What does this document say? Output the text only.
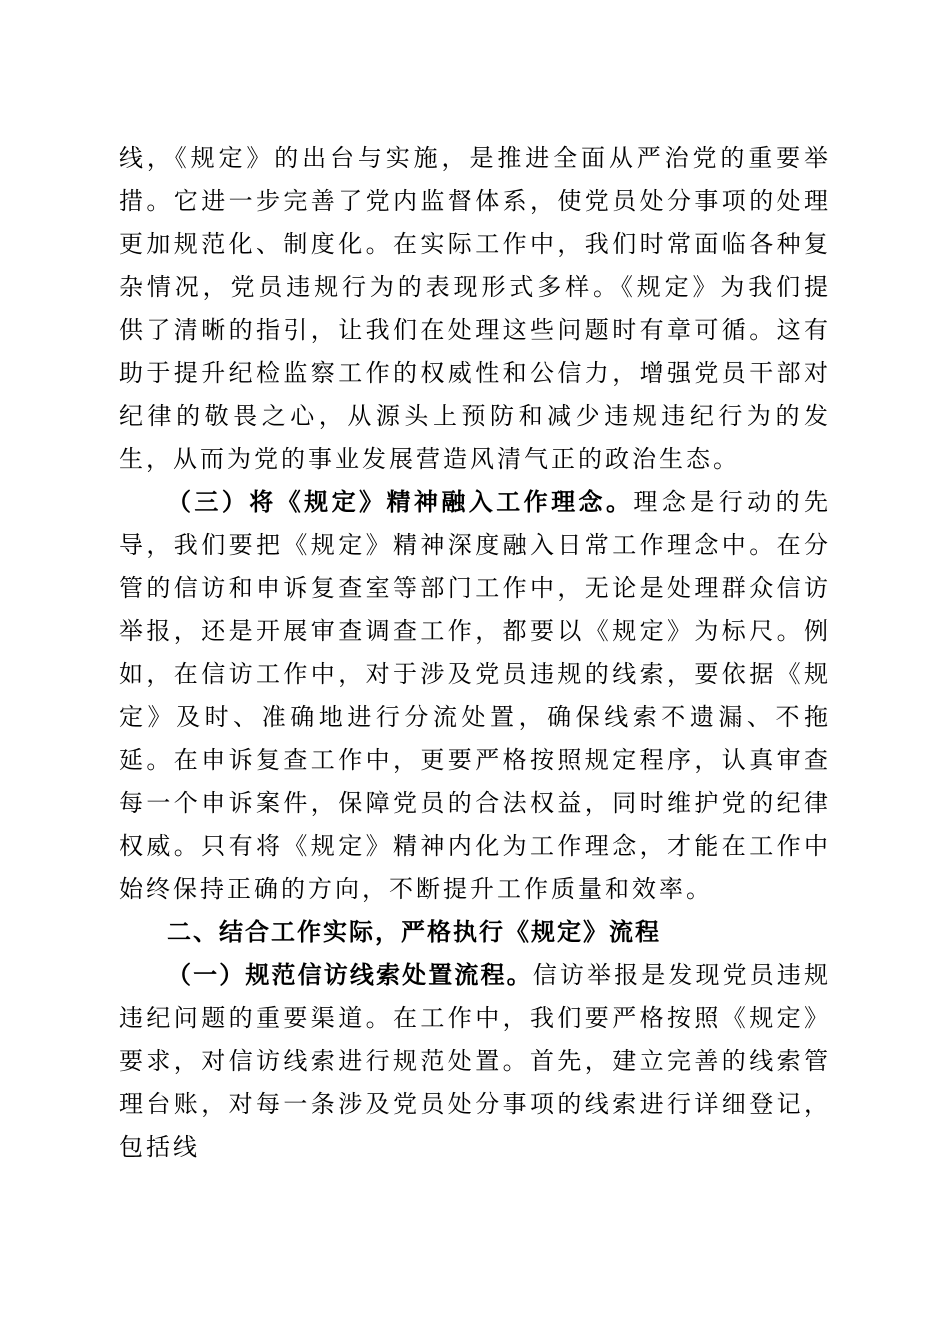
线，《规定》的出台与实施，是推进全面从严治党的重要举措。它进一步完善了党内监督体系，使党员处分事项的处理更加规范化、制度化。在实际工作中，我们时常面临各种复杂情况，党员违规行为的表现形式多样。《规定》为我们提供了清晰的指引，让我们在处理这些问题时有章可循。这有助于提升纪检监察工作的权威性和公信力，增强党员干部对纪律的敬畏之心，从源头上预防和减少违规违纪行为的发生，从而为党的事业发展营造风清气正的政治生态。

（三）将《规定》精神融入工作理念。理念是行动的先导，我们要把《规定》精神深度融入日常工作理念中。在分管的信访和申诉复查室等部门工作中，无论是处理群众信访举报，还是开展审查调查工作，都要以《规定》为标尺。例如，在信访工作中，对于涉及党员违规的线索，要依据《规定》及时、准确地进行分流处置，确保线索不遗漏、不拖延。在申诉复查工作中，更要严格按照规定程序，认真审查每一个申诉案件，保障党员的合法权益，同时维护党的纪律权威。只有将《规定》精神内化为工作理念，才能在工作中始终保持正确的方向，不断提升工作质量和效率。

二、结合工作实际，严格执行《规定》流程

（一）规范信访线索处置流程。信访举报是发现党员违规违纪问题的重要渠道。在工作中，我们要严格按照《规定》要求，对信访线索进行规范处置。首先，建立完善的线索管理台账，对每一条涉及党员处分事项的线索进行详细登记，包括线
